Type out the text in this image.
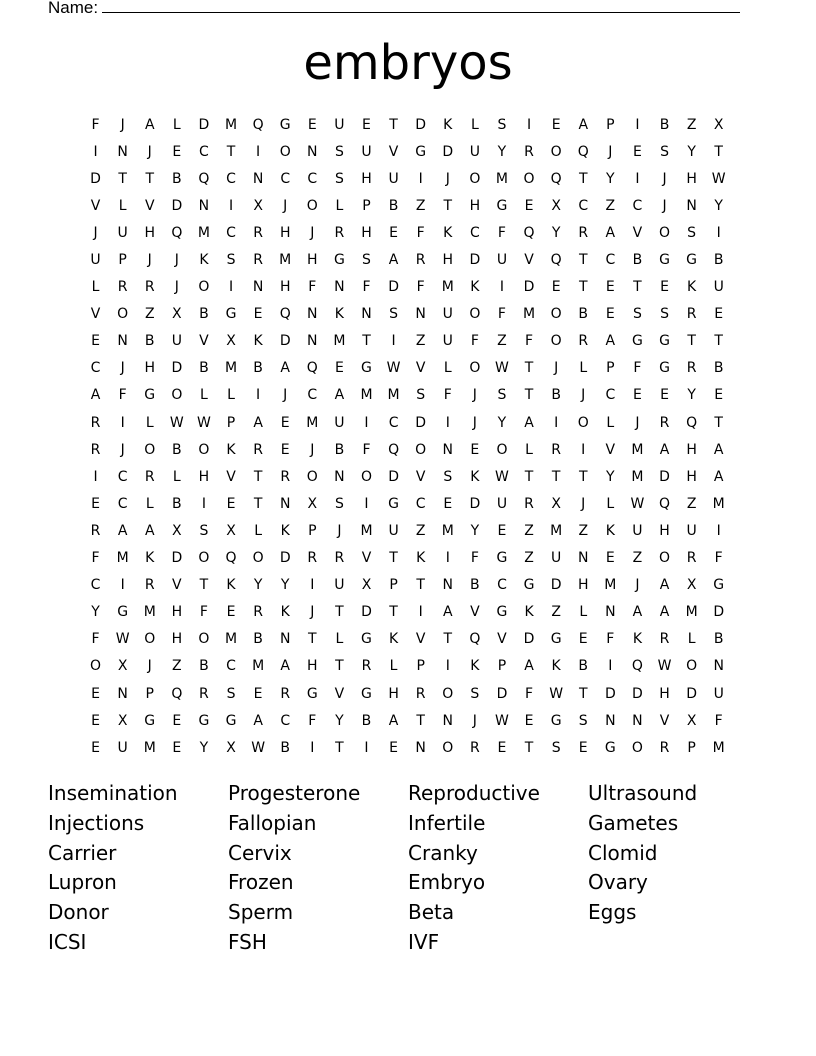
Name:
embryos
F	J	A	L	D	M	Q	G	E	U	E	T	D	K	L	S	I	E	A	P	I	B	Z	X
I	N	J	E	C	T	I	O	N	S	U	V	G	D	U	Y	R	O	Q	J	E	S	Y	T
D	T	T	B	Q	C	N	C	C	S	H	U	I	J	O	M	O	Q	T	Y	I	J	H	W
V	L	V	D	N	I	X	J	O	L	P	B	Z	T	H	G	E	X	C	Z	C	J	N	Y
J	U	H	Q	M	C	R	H	J	R	H	E	F	K	C	F	Q	Y	R	A	V	O	S	I
U	P	J	J	K	S	R	M	H	G	S	A	R	H	D	U	V	Q	T	C	B	G	G	B
L	R	R	J	O	I	N	H	F	N	F	D	F	M	K	I	D	E	T	E	T	E	K	U
V	O	Z	X	B	G	E	Q	N	K	N	S	N	U	O	F	M	O	B	E	S	S	R	E
E	N	B	U	V	X	K	D	N	M	T	I	Z	U	F	Z	F	O	R	A	G	G	T	T
C	J	H	D	B	M	B	A	Q	E	G	W	V	L	O	W	T	J	L	P	F	G	R	B
A	F	G	O	L	L	I	J	C	A	M	M	S	F	J	S	T	B	J	C	E	E	Y	E
R	I	L	W	W	P	A	E	M	U	I	C	D	I	J	Y	A	I	O	L	J	R	Q	T
R	J	O	B	O	K	R	E	J	B	F	Q	O	N	E	O	L	R	I	V	M	A	H	A
I	C	R	L	H	V	T	R	O	N	O	D	V	S	K	W	T	T	T	Y	M	D	H	A
E	C	L	B	I	E	T	N	X	S	I	G	C	E	D	U	R	X	J	L	W	Q	Z	M
R	A	A	X	S	X	L	K	P	J	M	U	Z	M	Y	E	Z	M	Z	K	U	H	U	I
F	M	K	D	O	Q	O	D	R	R	V	T	K	I	F	G	Z	U	N	E	Z	O	R	F
C	I	R	V	T	K	Y	Y	I	U	X	P	T	N	B	C	G	D	H	M	J	A	X	G
Y	G	M	H	F	E	R	K	J	T	D	T	I	A	V	G	K	Z	L	N	A	A	M	D
F	W	O	H	O	M	B	N	T	L	G	K	V	T	Q	V	D	G	E	F	K	R	L	B
O	X	J	Z	B	C	M	A	H	T	R	L	P	I	K	P	A	K	B	I	Q	W	O	N
E	N	P	Q	R	S	E	R	G	V	G	H	R	O	S	D	F	W	T	D	D	H	D	U
E	X	G	E	G	G	A	C	F	Y	B	A	T	N	J	W	E	G	S	N	N	V	X	F
E	U	M	E	Y	X	W	B	I	T	I	E	N	O	R	E	T	S	E	G	O	R	P	M
Insemination	Progesterone	Reproductive	Ultrasound
Injections	Fallopian	Infertile	Gametes
Carrier	Cervix	Cranky	Clomid
Lupron	Frozen	Embryo	Ovary
Donor	Sperm	Beta	Eggs
ICSI	FSH	IVF
